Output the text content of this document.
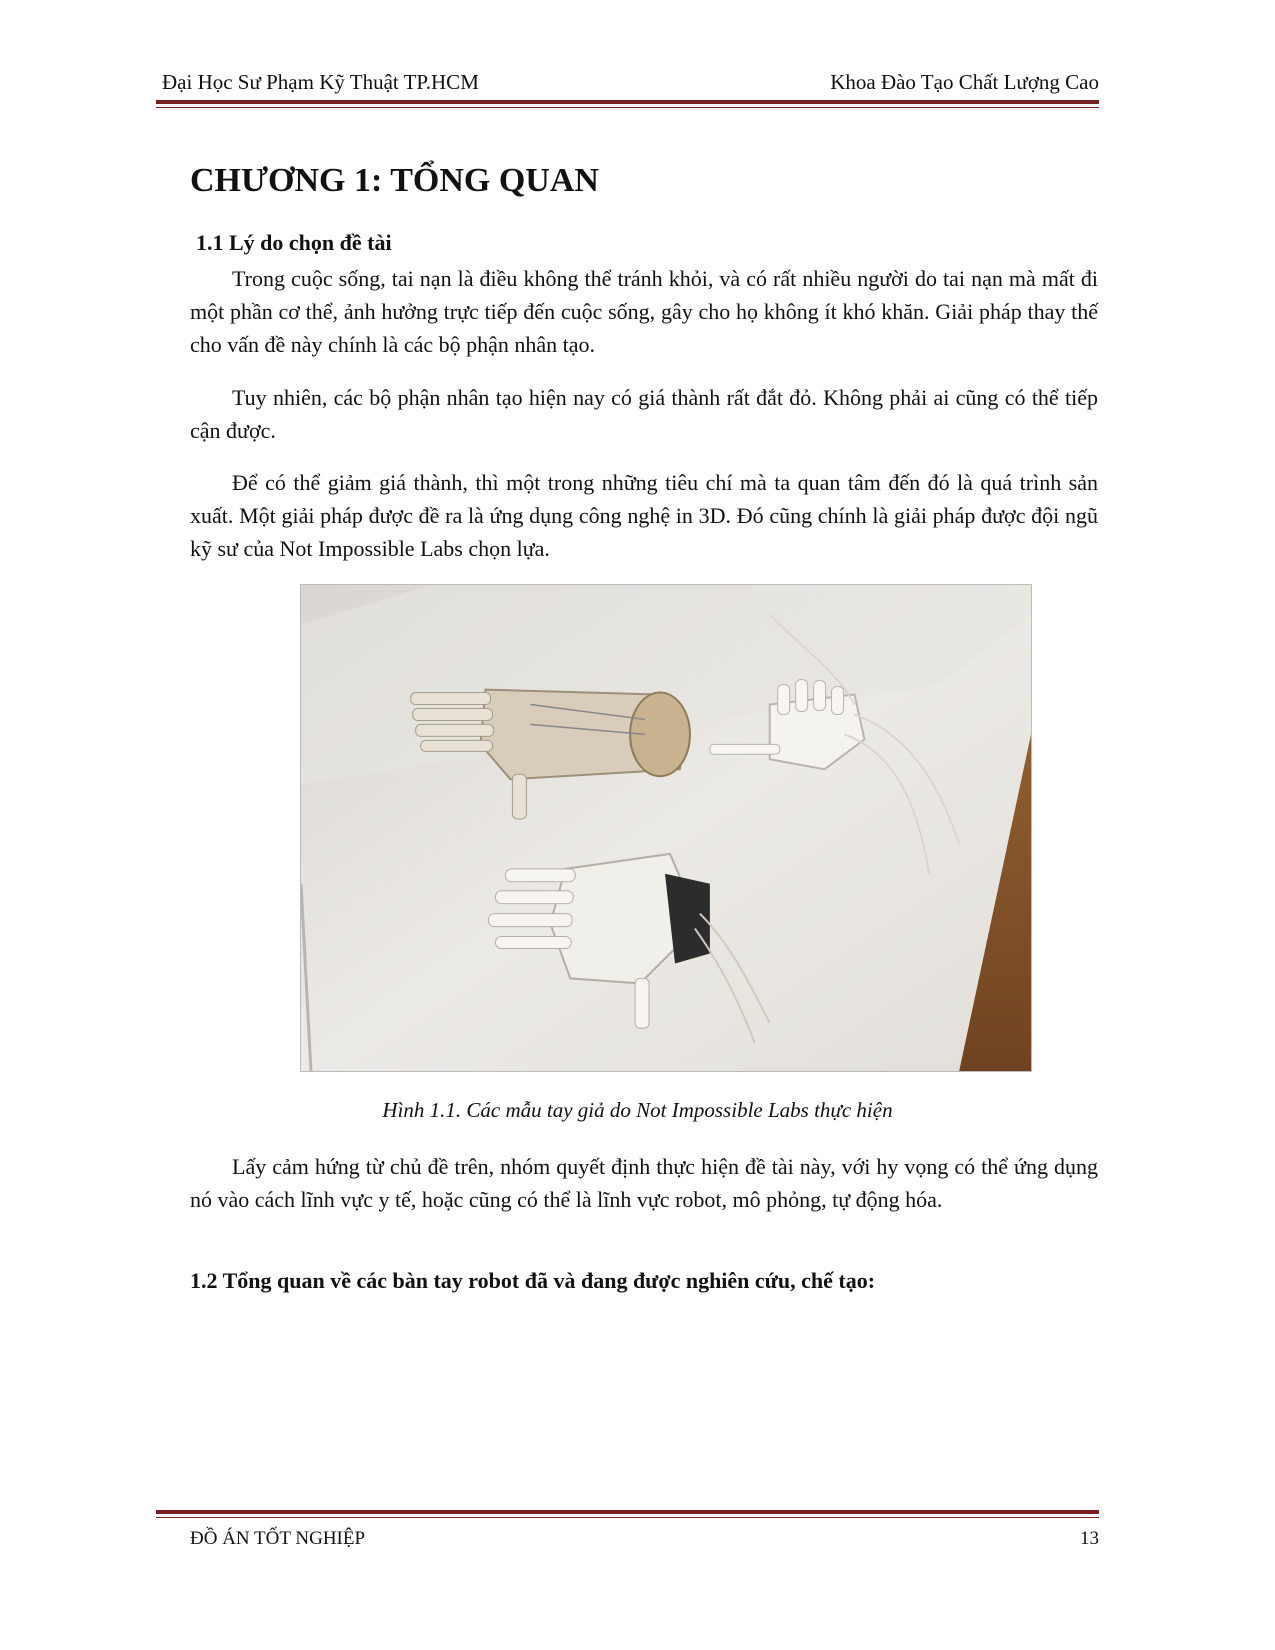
Đại Học Sư Phạm Kỹ Thuật TP.HCM	Khoa Đào Tạo Chất Lượng Cao
CHƯƠNG 1: TỔNG QUAN
1.1 Lý do chọn đề tài

Trong cuộc sống, tai nạn là điều không thể tránh khỏi, và có rất nhiều người do tai nạn mà mất đi một phần cơ thể, ảnh hưởng trực tiếp đến cuộc sống, gây cho họ không ít khó khăn. Giải pháp thay thế cho vấn đề này chính là các bộ phận nhân tạo.

Tuy nhiên, các bộ phận nhân tạo hiện nay có giá thành rất đắt đỏ. Không phải ai cũng có thể tiếp cận được.

Để có thể giảm giá thành, thì một trong những tiêu chí mà ta quan tâm đến đó là quá trình sản xuất. Một giải pháp được đề ra là ứng dụng công nghệ in 3D. Đó cũng chính là giải pháp được đội ngũ kỹ sư của Not Impossible Labs chọn lựa.

Hình 1.1. Các mẫu tay giả do Not Impossible Labs thực hiện

Lấy cảm hứng từ chủ đề trên, nhóm quyết định thực hiện đề tài này, với hy vọng có thể ứng dụng nó vào cách lĩnh vực y tế, hoặc cũng có thể là lĩnh vực robot, mô phỏng, tự động hóa.

1.2 Tổng quan về các bàn tay robot đã và đang được nghiên cứu, chế tạo:
ĐỒ ÁN TỐT NGHIỆP	13
